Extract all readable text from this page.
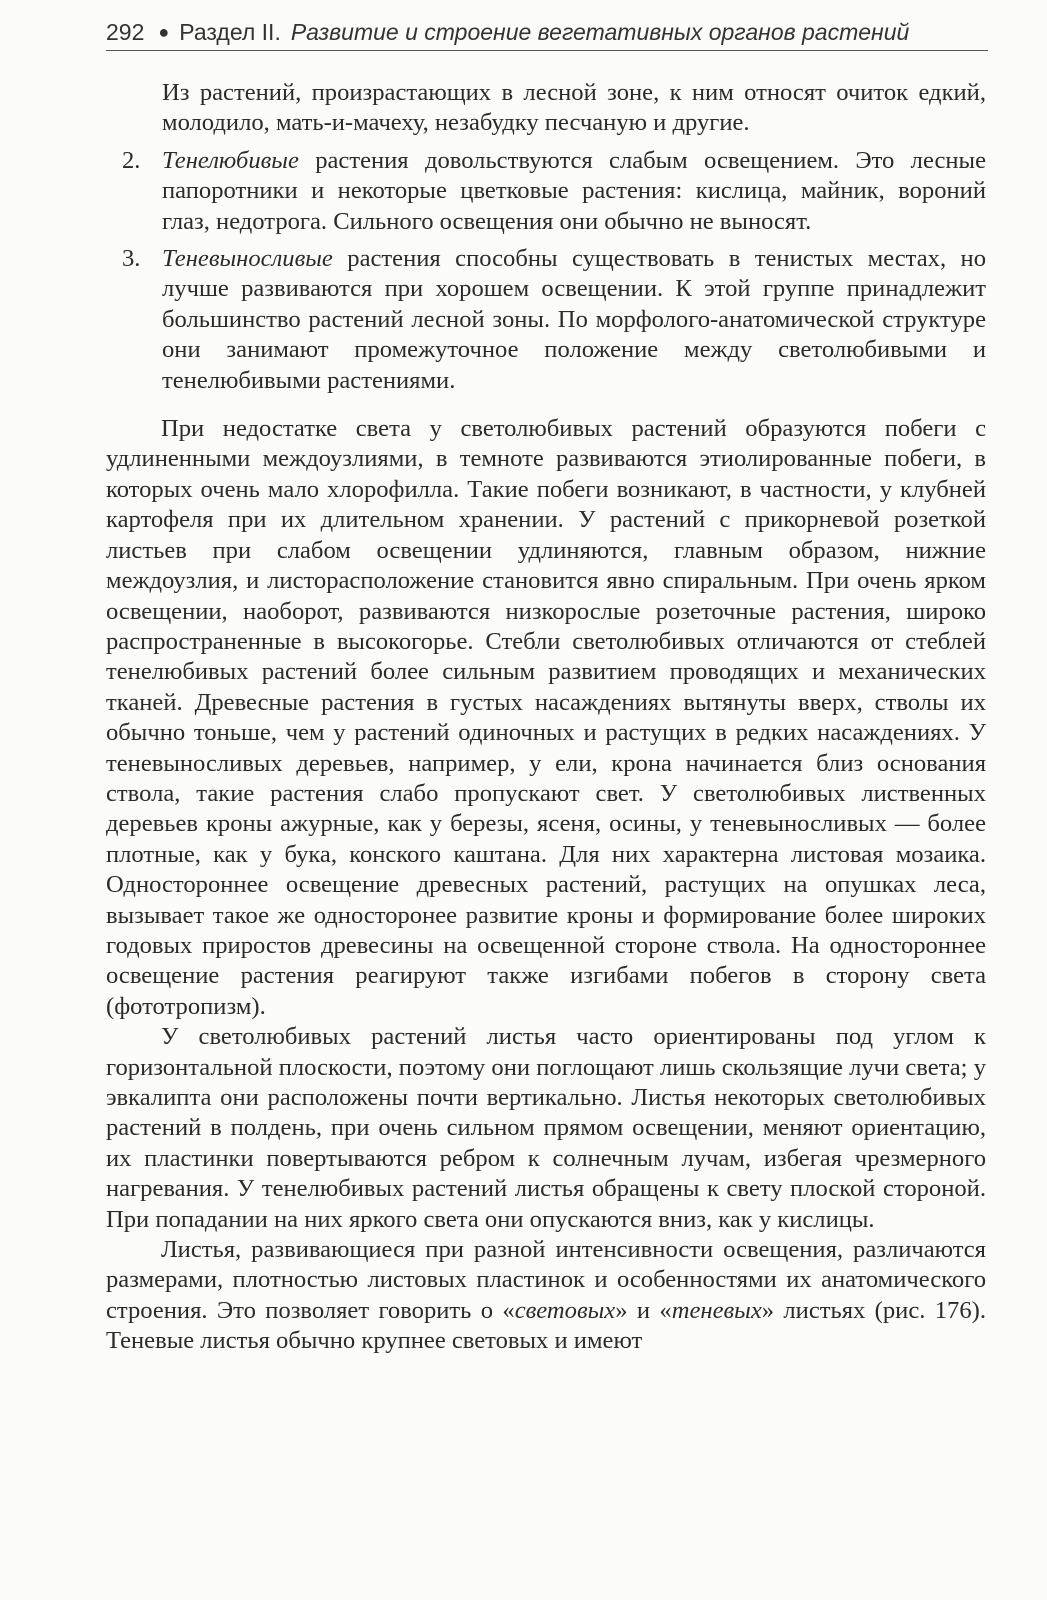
292 ● Раздел II. Развитие и строение вегетативных органов растений

Из растений, произрастающих в лесной зоне, к ним относят очиток едкий, молодило, мать-и-мачеху, незабудку песчаную и другие.

2. Тенелюбивые растения довольствуются слабым освещением. Это лесные папоротники и некоторые цветковые растения: кислица, майник, вороний глаз, недотрога. Сильного освещения они обычно не выносят.

3. Теневыносливые растения способны существовать в тенистых местах, но лучше развиваются при хорошем освещении. К этой группе принадлежит большинство растений лесной зоны. По морфолого-анатомической структуре они занимают промежуточное положение между светолюбивыми и тенелюбивыми растениями.

При недостатке света у светолюбивых растений образуются побеги с удлиненными междоузлиями, в темноте развиваются этиолированные побеги, в которых очень мало хлорофилла. Такие побеги возникают, в частности, у клубней картофеля при их длительном хранении. У растений с прикорневой розеткой листьев при слабом освещении удлиняются, главным образом, нижние междоузлия, и листорасположение становится явно спиральным. При очень ярком освещении, наоборот, развиваются низкорослые розеточные растения, широко распространенные в высокогорье. Стебли светолюбивых отличаются от стеблей тенелюбивых растений более сильным развитием проводящих и механических тканей. Древесные растения в густых насаждениях вытянуты вверх, стволы их обычно тоньше, чем у растений одиночных и растущих в редких насаждениях. У теневыносливых деревьев, например, у ели, крона начинается близ основания ствола, такие растения слабо пропускают свет. У светолюбивых лиственных деревьев кроны ажурные, как у березы, ясеня, осины, у теневыносливых — более плотные, как у бука, конского каштана. Для них характерна листовая мозаика. Одностороннее освещение древесных растений, растущих на опушках леса, вызывает такое же односторонее развитие кроны и формирование более широких годовых приростов древесины на освещенной стороне ствола. На одностороннее освещение растения реагируют также изгибами побегов в сторону света (фототропизм).

У светолюбивых растений листья часто ориентированы под углом к горизонтальной плоскости, поэтому они поглощают лишь скользящие лучи света; у эвкалипта они расположены почти вертикально. Листья некоторых светолюбивых растений в полдень, при очень сильном прямом освещении, меняют ориентацию, их пластинки повертываются ребром к солнечным лучам, избегая чрезмерного нагревания. У тенелюбивых растений листья обращены к свету плоской стороной. При попадании на них яркого света они опускаются вниз, как у кислицы.

Листья, развивающиеся при разной интенсивности освещения, различаются размерами, плотностью листовых пластинок и особенностями их анатомического строения. Это позволяет говорить о «световых» и «теневых» листьях (рис. 176). Теневые листья обычно крупнее световых и имеют
